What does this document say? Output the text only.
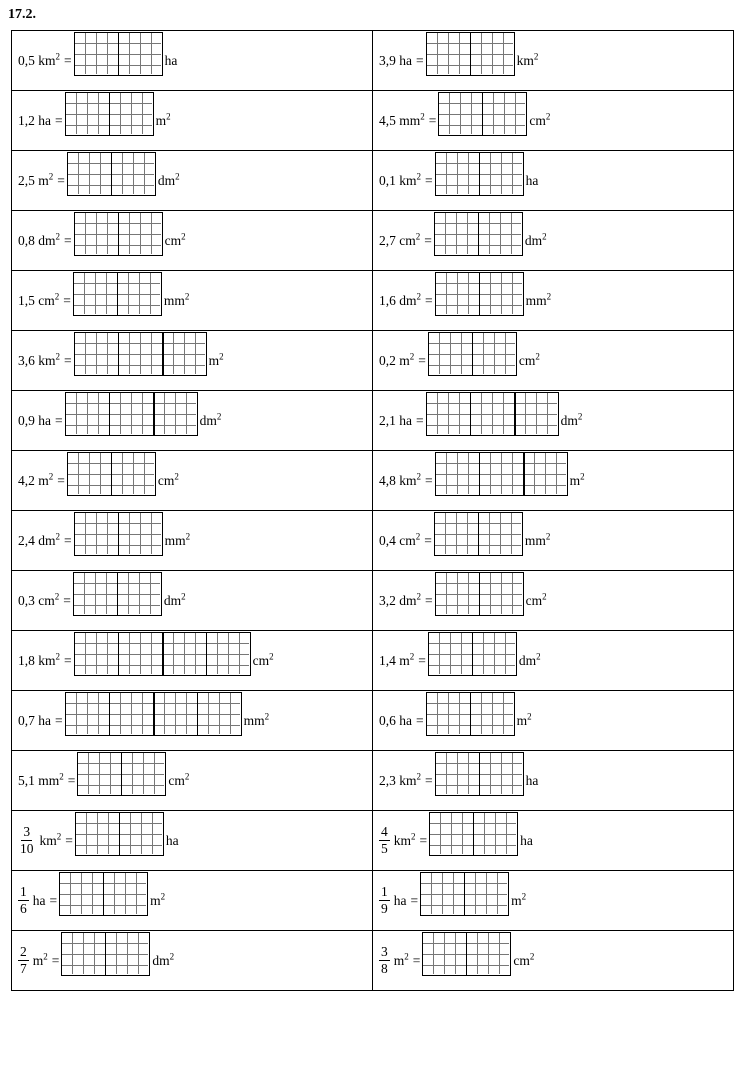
17.2.
0,5 $km^2$ = ha	3,9 ha = $km^2$

1,2 ha = $m^2$	4,5 $mm^2 = cm^2$

2,5 $m^2 = dm^2$	0,1 $km^2$ = ha

0,8 $dm^2 = cm^2$	2,7 $cm^2 = dm^2$

1,5 $cm^2 = mm^2$	1,6 $dm^2 = mm^2$

3,6 $km^2 = m^2$	0,2 $m^2 = cm^2$

0,9 ha = $dm^2$	2,1 ha = $dm^2$

4,2 $m^2 = cm^2$	4,8 $km^2 = m^2$

2,4 $dm^2 = mm^2$	0,4 $cm^2 = mm^2$

0,3 $cm^2 = dm^2$	3,2 $dm^2 = cm^2$

1,8 $km^2 = cm^2$	1,4 $m^2 = dm^2$

0,7 ha = $mm^2$	0,6 ha = $m^2$

5,1 $mm^2 = cm^2$	2,3 $km^2$ = ha

$\frac{3}{10} km^2$ = ha	$\frac{4}{5} km^2$ = ha

$\frac{1}{6}$ ha = $m^2$	$\frac{1}{9}$ ha = $m^2$

$\frac{2}{7} m^2 = dm^2$	$\frac{3}{8} m^2 = cm^2$
